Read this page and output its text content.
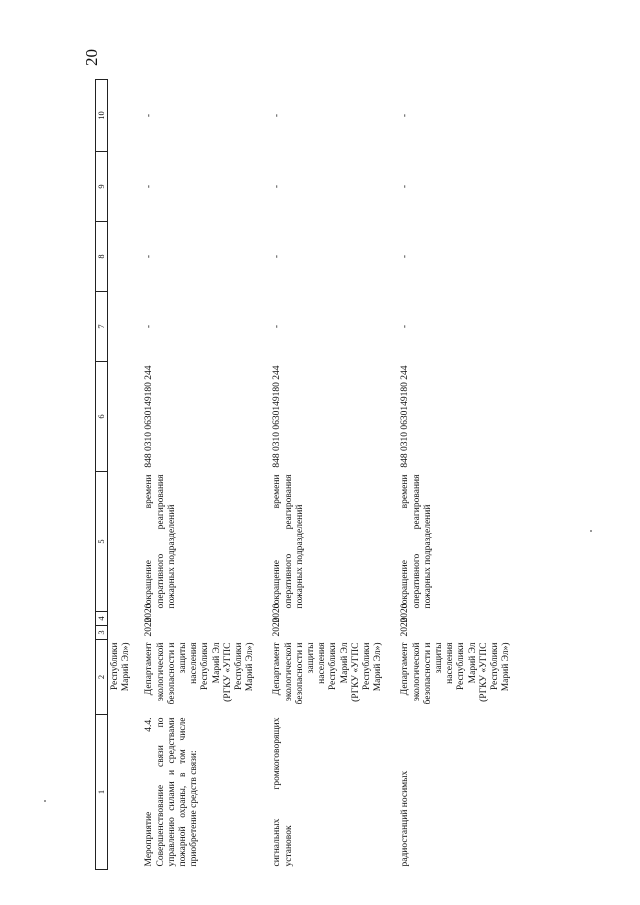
20
1	2	3	4	5	6	7	8	9	10
	Республики Марий Эл»)								
Мероприятие 4.4. Совершенствование связи по управлению силами и средствами пожарной охраны, в том числе приобретение средств связи:	Департамент экологической безопасности и защиты населения Республики Марий Эл (РГКУ «УГПС Республики Марий Эл»)	2020	2020	сокращение времени оперативного реагирования пожарных подразделений	848 0310 0630149180 244	-	-	-	-
сигнальных громкоговорящих установок	Департамент экологической безопасности и защиты населения Республики Марий Эл (РГКУ «УГПС Республики Марий Эл»)	2020	2020	сокращение времени оперативного реагирования пожарных подразделений	848 0310 0630149180 244	-	-	-	-
радиостанций носимых	Департамент экологической безопасности и защиты населения Республики Марий Эл (РГКУ «УГПС Республики Марий Эл»)	2020	2020	сокращение времени оперативного реагирования пожарных подразделений	848 0310 0630149180 244	-	-	-	-
